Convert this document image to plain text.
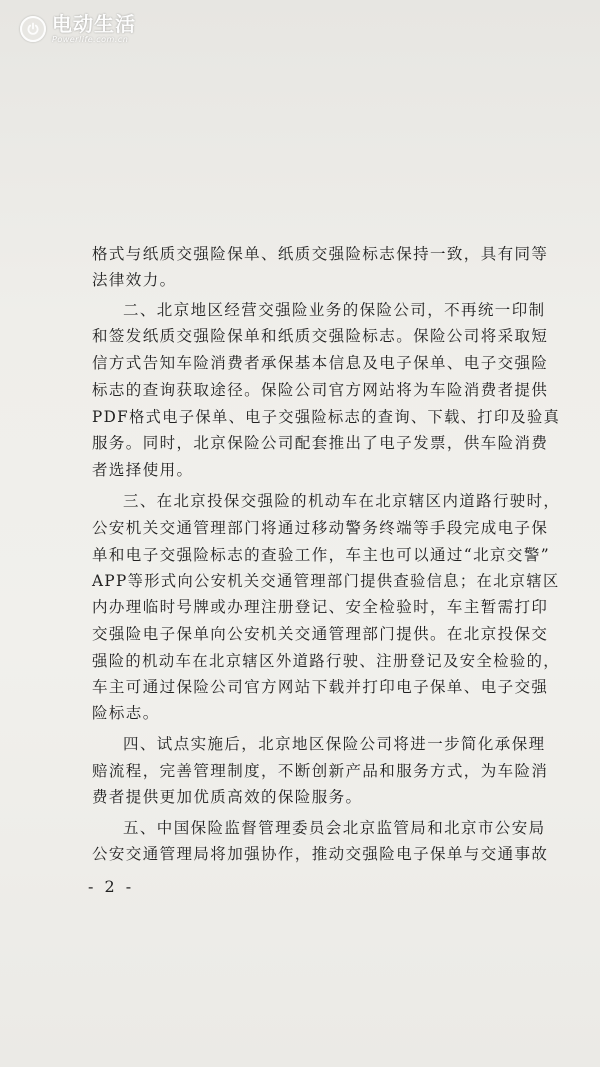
电动生活
Powerlife.com.cn
格式与纸质交强险保单、纸质交强险标志保持一致，具有同等
法律效力。
二、北京地区经营交强险业务的保险公司，不再统一印制
和签发纸质交强险保单和纸质交强险标志。保险公司将采取短
信方式告知车险消费者承保基本信息及电子保单、电子交强险
标志的查询获取途径。保险公司官方网站将为车险消费者提供
PDF格式电子保单、电子交强险标志的查询、下载、打印及验真
服务。同时，北京保险公司配套推出了电子发票，供车险消费
者选择使用。
三、在北京投保交强险的机动车在北京辖区内道路行驶时，
公安机关交通管理部门将通过移动警务终端等手段完成电子保
单和电子交强险标志的查验工作，车主也可以通过“北京交警”
APP等形式向公安机关交通管理部门提供查验信息；在北京辖区
内办理临时号牌或办理注册登记、安全检验时，车主暂需打印
交强险电子保单向公安机关交通管理部门提供。在北京投保交
强险的机动车在北京辖区外道路行驶、注册登记及安全检验的，
车主可通过保险公司官方网站下载并打印电子保单、电子交强
险标志。
四、试点实施后，北京地区保险公司将进一步简化承保理
赔流程，完善管理制度，不断创新产品和服务方式，为车险消
费者提供更加优质高效的保险服务。
五、中国保险监督管理委员会北京监管局和北京市公安局
公安交通管理局将加强协作，推动交强险电子保单与交通事故
- 2 -
